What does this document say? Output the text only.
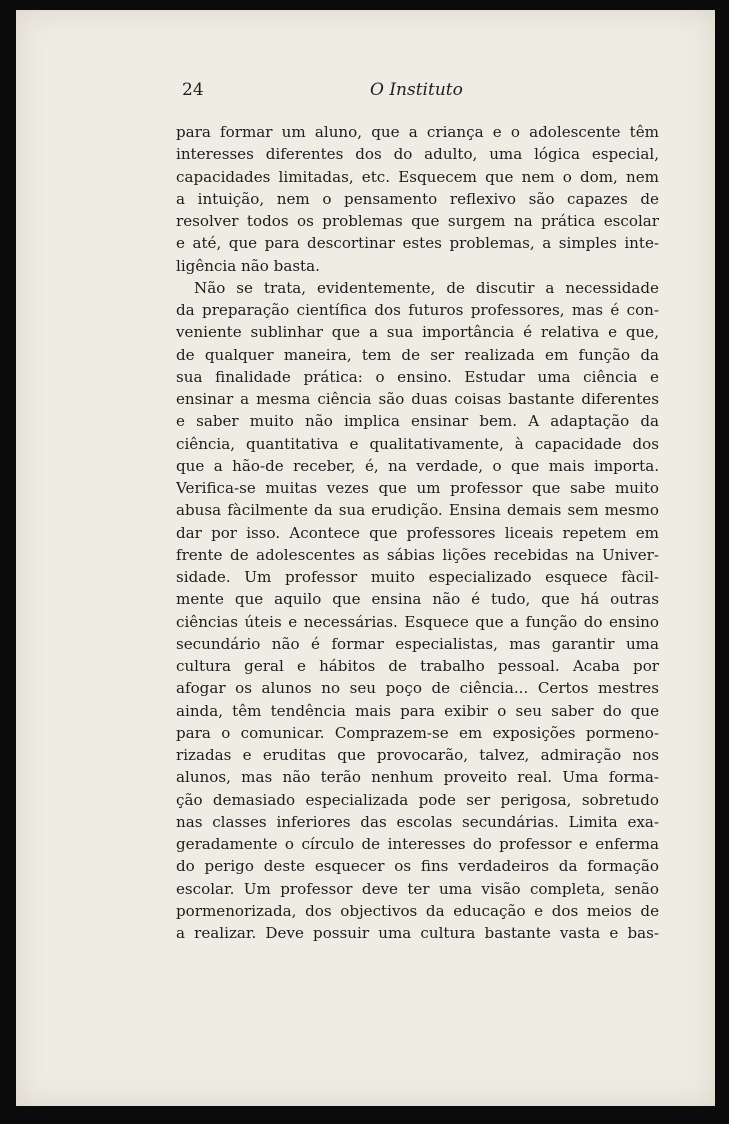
24	O Instituto
para formar um aluno, que a criança e o adolescente têm
interesses diferentes dos do adulto, uma lógica especial,
capacidades limitadas, etc. Esquecem que nem o dom, nem
a intuição, nem o pensamento reflexivo são capazes de
resolver todos os problemas que surgem na prática escolar
e até, que para descortinar estes problemas, a simples inte-
ligência não basta.
Não se trata, evidentemente, de discutir a necessidade
da preparação científica dos futuros professores, mas é con-
veniente sublinhar que a sua importância é relativa e que,
de qualquer maneira, tem de ser realizada em função da
sua finalidade prática: o ensino. Estudar uma ciência e
ensinar a mesma ciência são duas coisas bastante diferentes
e saber muito não implica ensinar bem. A adaptação da
ciência, quantitativa e qualitativamente, à capacidade dos
que a hão-de receber, é, na verdade, o que mais importa.
Verifica-se muitas vezes que um professor que sabe muito
abusa fàcilmente da sua erudição. Ensina demais sem mesmo
dar por isso. Acontece que professores liceais repetem em
frente de adolescentes as sábias lições recebidas na Univer-
sidade. Um professor muito especializado esquece fàcil-
mente que aquilo que ensina não é tudo, que há outras
ciências úteis e necessárias. Esquece que a função do ensino
secundário não é formar especialistas, mas garantir uma
cultura geral e hábitos de trabalho pessoal. Acaba por
afogar os alunos no seu poço de ciência... Certos mestres
ainda, têm tendência mais para exibir o seu saber do que
para o comunicar. Comprazem-se em exposições pormeno-
rizadas e eruditas que provocarão, talvez, admiração nos
alunos, mas não terão nenhum proveito real. Uma forma-
ção demasiado especializada pode ser perigosa, sobretudo
nas classes inferiores das escolas secundárias. Limita exa-
geradamente o círculo de interesses do professor e enferma
do perigo deste esquecer os fins verdadeiros da formação
escolar. Um professor deve ter uma visão completa, senão
pormenorizada, dos objectivos da educação e dos meios de
a realizar. Deve possuir uma cultura bastante vasta e bas-
